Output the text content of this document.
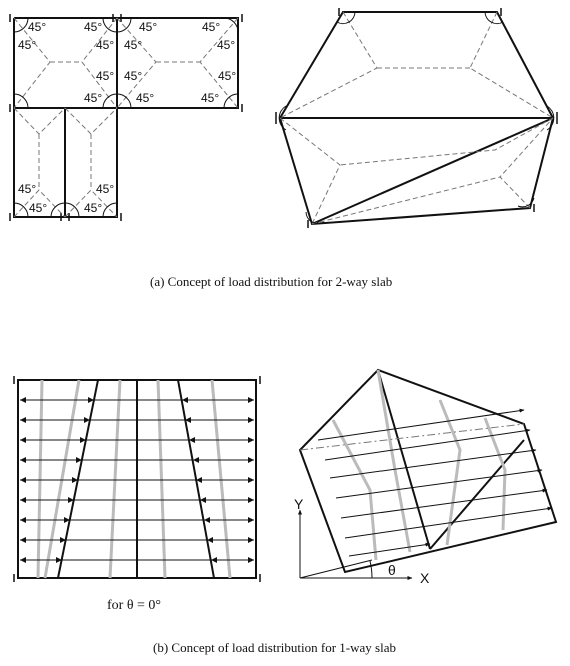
45°
45°
45°
45° 45°
45°	45°
45°
45° 45°	45°
45°	45°	45°
45°	45°
45°	45°
Y
X
θ
(a) Concept of load distribution for 2-way slab
for θ = 0°
(b) Concept of load distribution for 1-way slab
